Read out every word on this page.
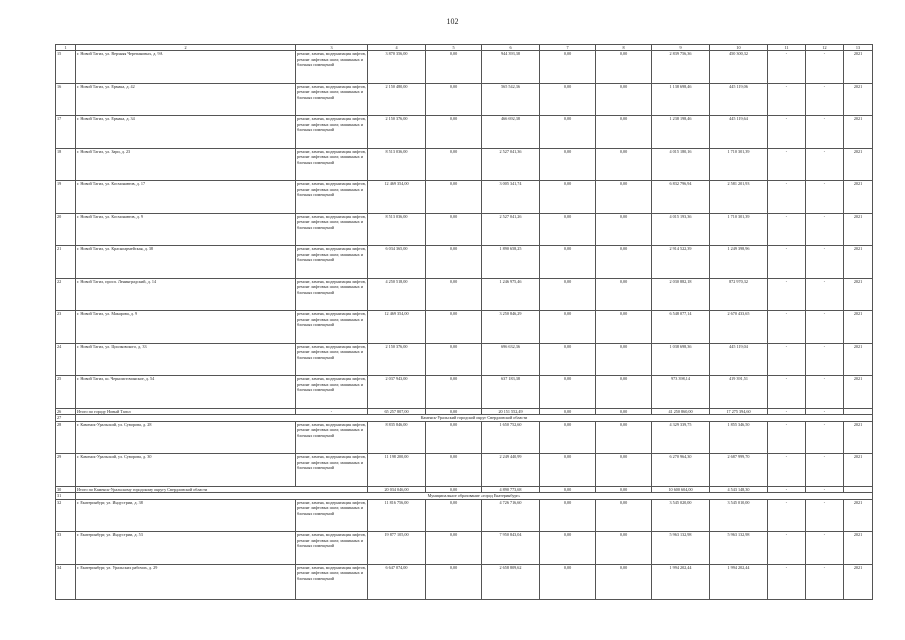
102
1	2	3	4	5	6	7	8	9	10	11	12	13
15	г. Новой Тагил, ул. Верхняя Черепановых, д. 9А	ремонт, замена, модернизация лифтов, ремонт лифтовых шахт, машинных и блочных помещений	3 870 356,00	0,00	944 393,38	0,00	0,00	2 839 756,36	450 300,32	-	-	2021
16	г. Новой Тагил, ул. Ермака, д. 42	ремонт, замена, модернизация лифтов, ремонт лифтовых шахт, машинных и блочных помещений	2 150 480,00	0,00	565 542,36	0,00	0,00	1 138 698,46	445 119,06	-	-	2021
17	г. Новой Тагил, ул. Ермака, д. 34	ремонт, замена, модернизация лифтов, ремонт лифтовых шахт, машинных и блочных помещений	2 150 376,00	0,00	466 692,38	0,00	0,00	1 238 198,46	445 119,64	-	-	2021
18	г. Новой Тагил, ул. Зари, д. 23	ремонт, замена, модернизация лифтов, ремонт лифтовых шахт, машинных и блочных помещений	8 513 036,00	0,00	2 527 041,36	0,00	0,00	4 015 180,16	1 710 301,39	-	-	2021
19	г. Новой Тагил, ул. Космонавтов, д. 17	ремонт, замена, модернизация лифтов, ремонт лифтовых шахт, машинных и блочных помещений	12 469 354,00	0,00	3 005 341,74	0,00	0,00	6 832 796,94	2 581 201,93	-	-	2021
20	г. Новой Тагил, ул. Космонавтов, д. 9	ремонт, замена, модернизация лифтов, ремонт лифтовых шахт, машинных и блочных помещений	8 513 036,00	0,00	2 527 041,26	0,00	0,00	4 015 193,36	1 710 301,39	-	-	2021
21	г. Новой Тагил, ул. Красноармейская, д. 38	ремонт, замена, модернизация лифтов, ремонт лифтовых шахт, машинных и блочных помещений	6 034 365,00	0,00	1 890 658,25	0,00	0,00	2 914 522,39	1 249 398,96	-	-	2021
22	г. Новой Тагил, просп. Ленинградский, д. 14	ремонт, замена, модернизация лифтов, ремонт лифтовых шахт, машинных и блочных помещений	4 250 518,00	0,00	1 246 975,46	0,00	0,00	2 030 882,18	872 970,32	-	-	2021
23	г. Новой Тагил, ул. Макарова, д. 9	ремонт, замена, модернизация лифтов, ремонт лифтовых шахт, машинных и блочных помещений	12 469 354,00	0,00	3 250 846,29	0,00	0,00	6 548 077,14	2 670 433,65	-	-	2021
24	г. Новой Тагил, ул. Циолковского, д. 33	ремонт, замена, модернизация лифтов, ремонт лифтовых шахт, машинных и блочных помещений	2 150 376,00	0,00	696 632,36	0,00	0,00	1 038 698,36	445 119,04	-	-	2021
25	г. Новой Тагил, ш. Черноисточинское, д. 54	ремонт, замена, модернизация лифтов, ремонт лифтовых шахт, машинных и блочных помещений	2 037 943,00	0,00	637 183,38	0,00	0,00	973 398,14	419 391,51	-	-	2021
26	Итого по городу Новый Тагил	-	65 257 807,00	0,00	20 151 552,49	0,00	0,00	41 250 860,00	17 275 394,60	-	-	
27	Каменск-Уральский городской округ Свердловской области											
28	г. Каменск-Уральский, ул. Суворова, д. 28	ремонт, замена, модернизация лифтов, ремонт лифтовых шахт, машинных и блочных помещений	8 835 846,00	0,00	1 650 752,60	0,00	0,00	4 329 339,75	1 855 346,50	-	-	2021
29	г. Каменск-Уральский, ул. Суворова, д. 30	ремонт, замена, модернизация лифтов, ремонт лифтовых шахт, машинных и блочных помещений	11 198 200,00	0,00	2 249 440,99	0,00	0,00	6 270 964,30	2 687 999,70	-	-	2021
30	Итого по Каменск-Уральскому городскому округу Свердловской области		20 034 046,00	0,00	4 890 773,68	0,00	0,00	10 600 604,00	4 543 148,30	-	-	
31	Муниципальное образование «город Екатеринбург»											
32	г. Екатеринбург, ул. Индустрии, д. 38	ремонт, замена, модернизация лифтов, ремонт лифтовых шахт, машинных и блочных помещений	11 816 756,00	0,00	4 726 716,60	0,00	0,00	3 545 020,00	3 545 010,00	-	-	2021
33	г. Екатеринбург, ул. Индустрии, д. 53	ремонт, замена, модернизация лифтов, ремонт лифтовых шахт, машинных и блочных помещений	19 877 105,00	0,00	7 950 843,04	0,00	0,00	5 963 132,98	5 963 132,98	-	-	2021
34	г. Екатеринбург, ул. Уральских рабочих, д. 29	ремонт, замена, модернизация лифтов, ремонт лифтовых шахт, машинных и блочных помещений	6 647 074,00	0,00	2 658 809,62	0,00	0,00	1 994 202,44	1 994 202,44	-	-	2021
